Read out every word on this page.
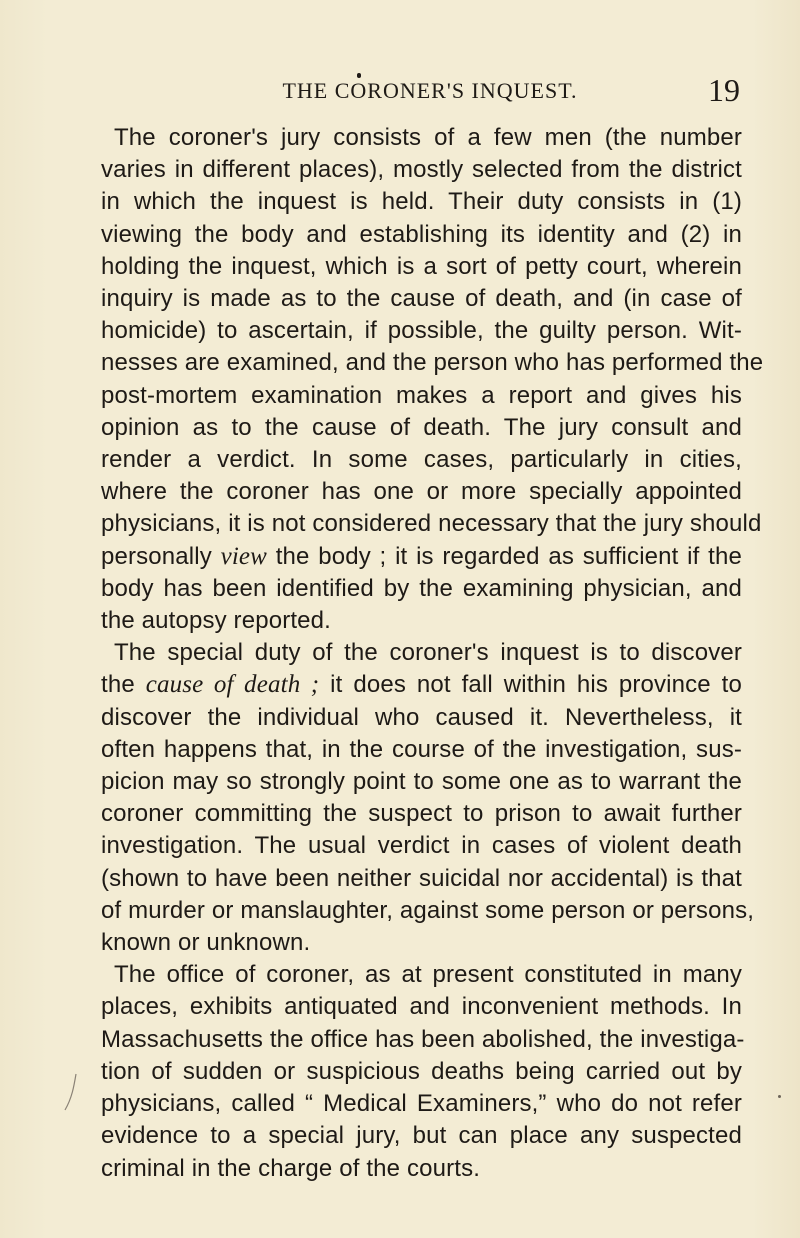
THE CORONER'S INQUEST.	19
The coroner's jury consists of a few men (the number
varies in different places), mostly selected from the district
in which the inquest is held. Their duty consists in (1)
viewing the body and establishing its identity and (2) in
holding the inquest, which is a sort of petty court, wherein
inquiry is made as to the cause of death, and (in case of
homicide) to ascertain, if possible, the guilty person. Wit-
nesses are examined, and the person who has performed the
post-mortem examination makes a report and gives his
opinion as to the cause of death. The jury consult and
render a verdict. In some cases, particularly in cities,
where the coroner has one or more specially appointed
physicians, it is not considered necessary that the jury should
personally view the body ; it is regarded as sufficient if the
body has been identified by the examining physician, and
the autopsy reported.
The special duty of the coroner's inquest is to discover
the cause of death ; it does not fall within his province to
discover the individual who caused it. Nevertheless, it
often happens that, in the course of the investigation, sus-
picion may so strongly point to some one as to warrant the
coroner committing the suspect to prison to await further
investigation. The usual verdict in cases of violent death
(shown to have been neither suicidal nor accidental) is that
of murder or manslaughter, against some person or persons,
known or unknown.
The office of coroner, as at present constituted in many
places, exhibits antiquated and inconvenient methods. In
Massachusetts the office has been abolished, the investiga-
tion of sudden or suspicious deaths being carried out by
physicians, called “ Medical Examiners,” who do not refer
evidence to a special jury, but can place any suspected
criminal in the charge of the courts.
